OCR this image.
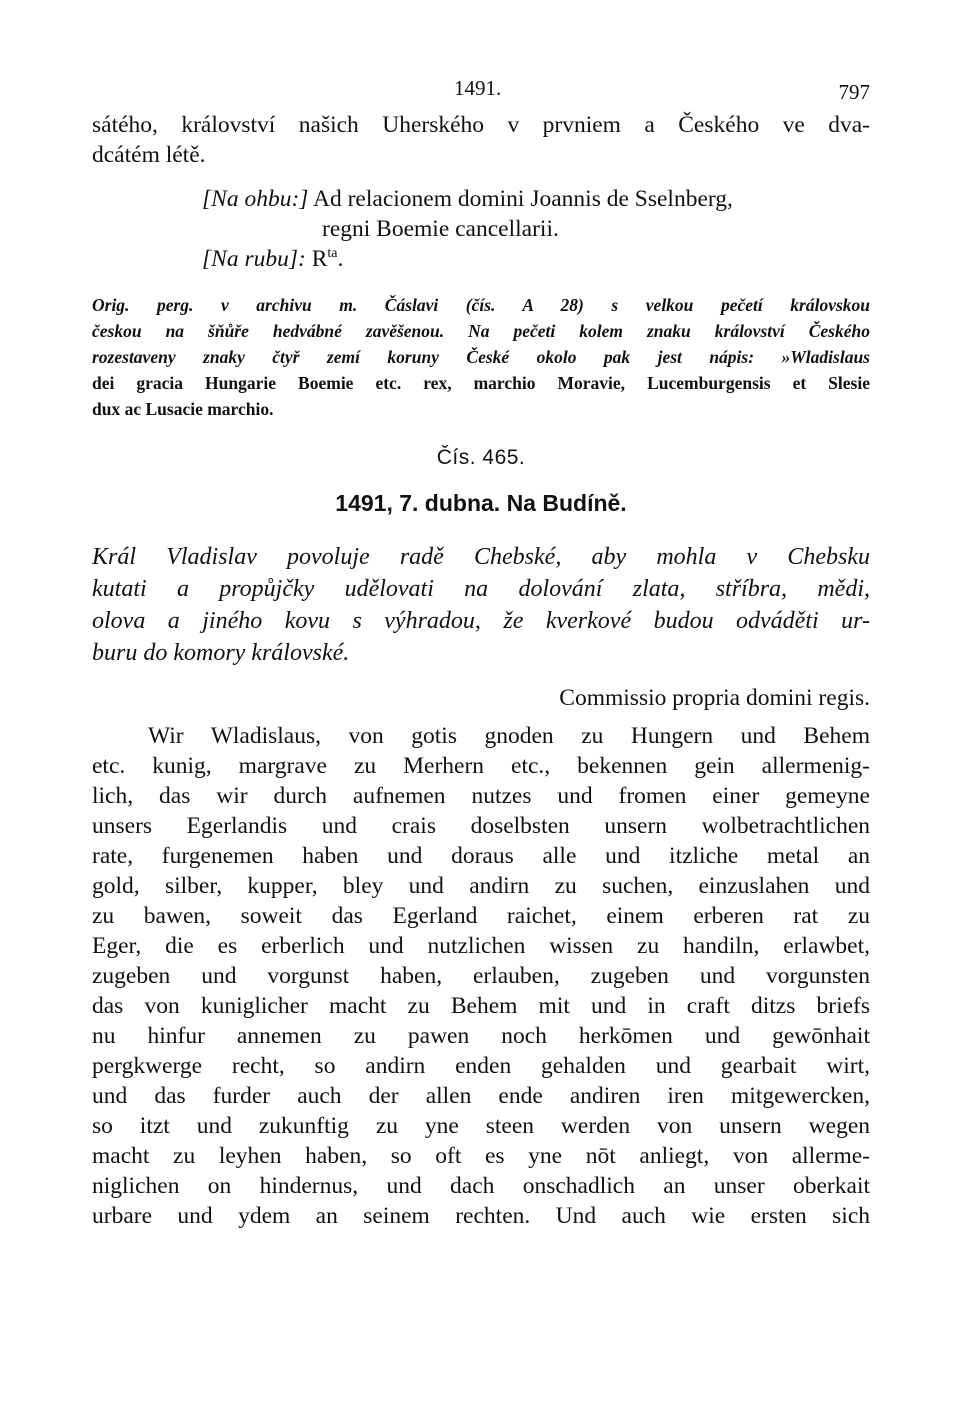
1491.	797
sátého, království našich Uherského v prvniem a Českého ve dva-
dcátém létě.
[Na ohbu:] Ad relacionem domini Joannis de Sselnberg,
regni Boemie cancellarii.
[Na rubu]: $R^{ta}$.
Orig. perg. v archivu m. Čáslavi (čís. A 28) s velkou pečetí královskou
českou na šňůře hedvábné zavěšenou. Na pečeti kolem znaku království Českého
rozestaveny znaky čtyř zemí koruny České okolo pak jest nápis: »Wladislaus
dei gracia Hungarie Boemie etc. rex, marchio Moravie, Lucemburgensis et Slesie
dux ac Lusacie marchio.
Čís. 465.
1491, 7. dubna. Na Budíně.
Král Vladislav povoluje radě Chebské, aby mohla v Chebsku
kutati a propůjčky udělovati na dolování zlata, stříbra, mědi,
olova a jiného kovu s výhradou, že kverkové budou odváděti ur-
buru do komory královské.
Commissio propria domini regis.
Wir Wladislaus, von gotis gnoden zu Hungern und Behem
etc. kunig, margrave zu Merhern etc., bekennen gein allermenig-
lich, das wir durch aufnemen nutzes und fromen einer gemeyne
unsers Egerlandis und crais doselbsten unsern wolbetrachtlichen
rate, furgenemen haben und doraus alle und itzliche metal an
gold, silber, kupper, bley und andirn zu suchen, einzuslahen und
zu bawen, soweit das Egerland raichet, einem erberen rat zu
Eger, die es erberlich und nutzlichen wissen zu handiln, erlawbet,
zugeben und vorgunst haben, erlauben, zugeben und vorgunsten
das von kuniglicher macht zu Behem mit und in craft ditzs briefs
nu hinfur annemen zu pawen noch herkōmen und gewōnhait
pergkwerge recht, so andirn enden gehalden und gearbait wirt,
und das furder auch der allen ende andiren iren mitgewercken,
so itzt und zukunftig zu yne steen werden von unsern wegen
macht zu leyhen haben, so oft es yne nōt anliegt, von allerme-
niglichen on hindernus, und dach onschadlich an unser oberkait
urbare und ydem an seinem rechten. Und auch wie ersten sich
